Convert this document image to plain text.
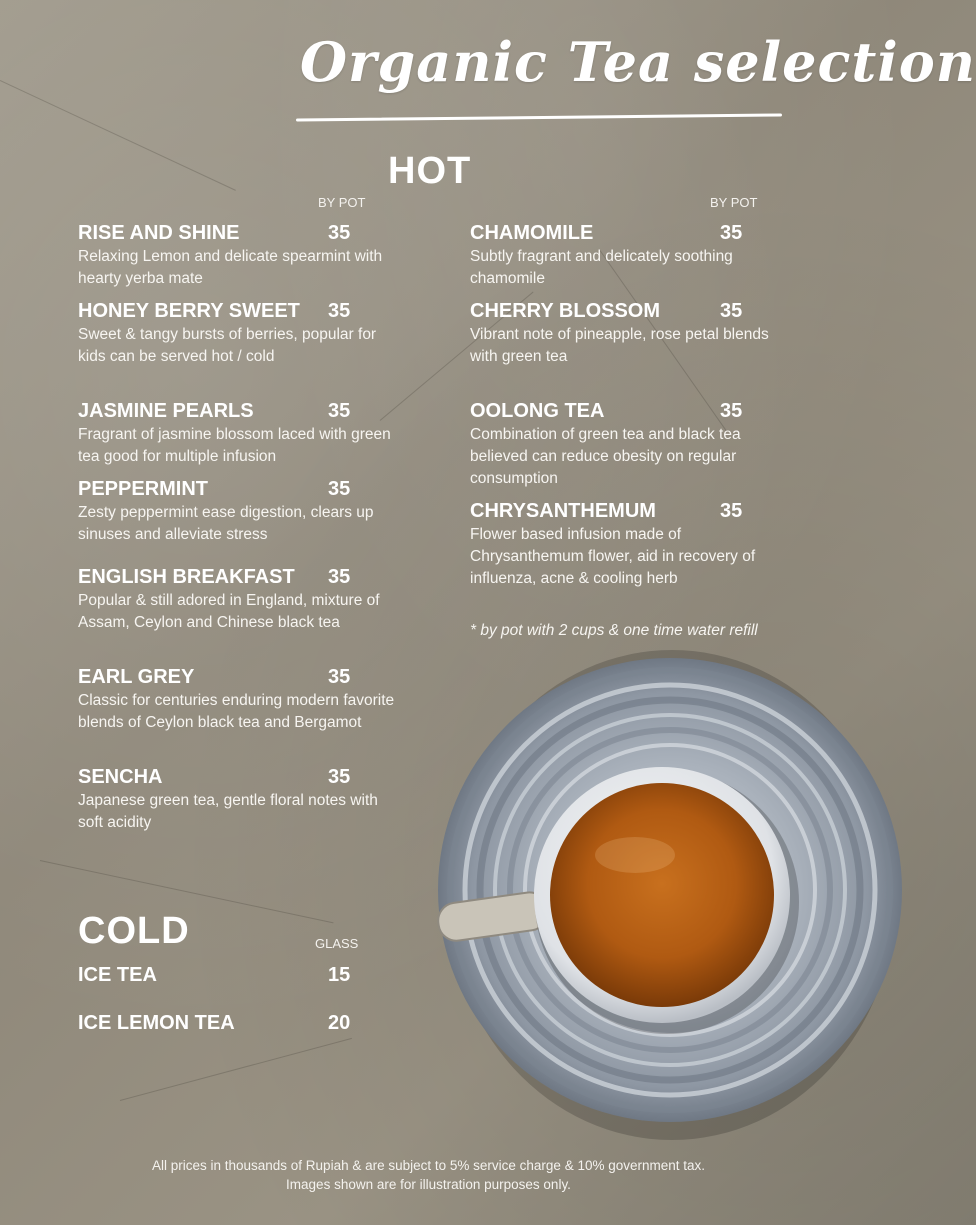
Organic Tea selection
HOT
BY POT	BY POT
RISE AND SHINE	35
Relaxing Lemon and delicate spearmint with hearty yerba mate
HONEY BERRY SWEET 35
Sweet & tangy bursts of berries, popular for kids can be served hot / cold
JASMINE PEARLS	35
Fragrant of jasmine blossom laced with green tea good for multiple infusion
PEPPERMINT	35
Zesty peppermint ease digestion, clears up sinuses and alleviate stress
ENGLISH BREAKFAST 35
Popular & still adored in England, mixture of Assam, Ceylon and Chinese black tea
EARL GREY	35
Classic for centuries enduring modern favorite blends of Ceylon black tea and Bergamot
SENCHA	35
Japanese green tea, gentle floral notes with soft acidity
CHAMOMILE	35
Subtly fragrant and delicately soothing chamomile
CHERRY BLOSSOM	35
Vibrant note of pineapple, rose petal blends with green tea
OOLONG TEA	35
Combination of green tea and black tea believed can reduce obesity on regular consumption
CHRYSANTHEMUM	35
Flower based infusion made of Chrysanthemum flower, aid in recovery of influenza, acne & cooling herb
* by pot with 2 cups & one time water refill
COLD	GLASS
ICE TEA	15
ICE LEMON TEA	20
All prices in thousands of Rupiah & are subject to 5% service charge & 10% government tax.
Images shown are for illustration purposes only.
